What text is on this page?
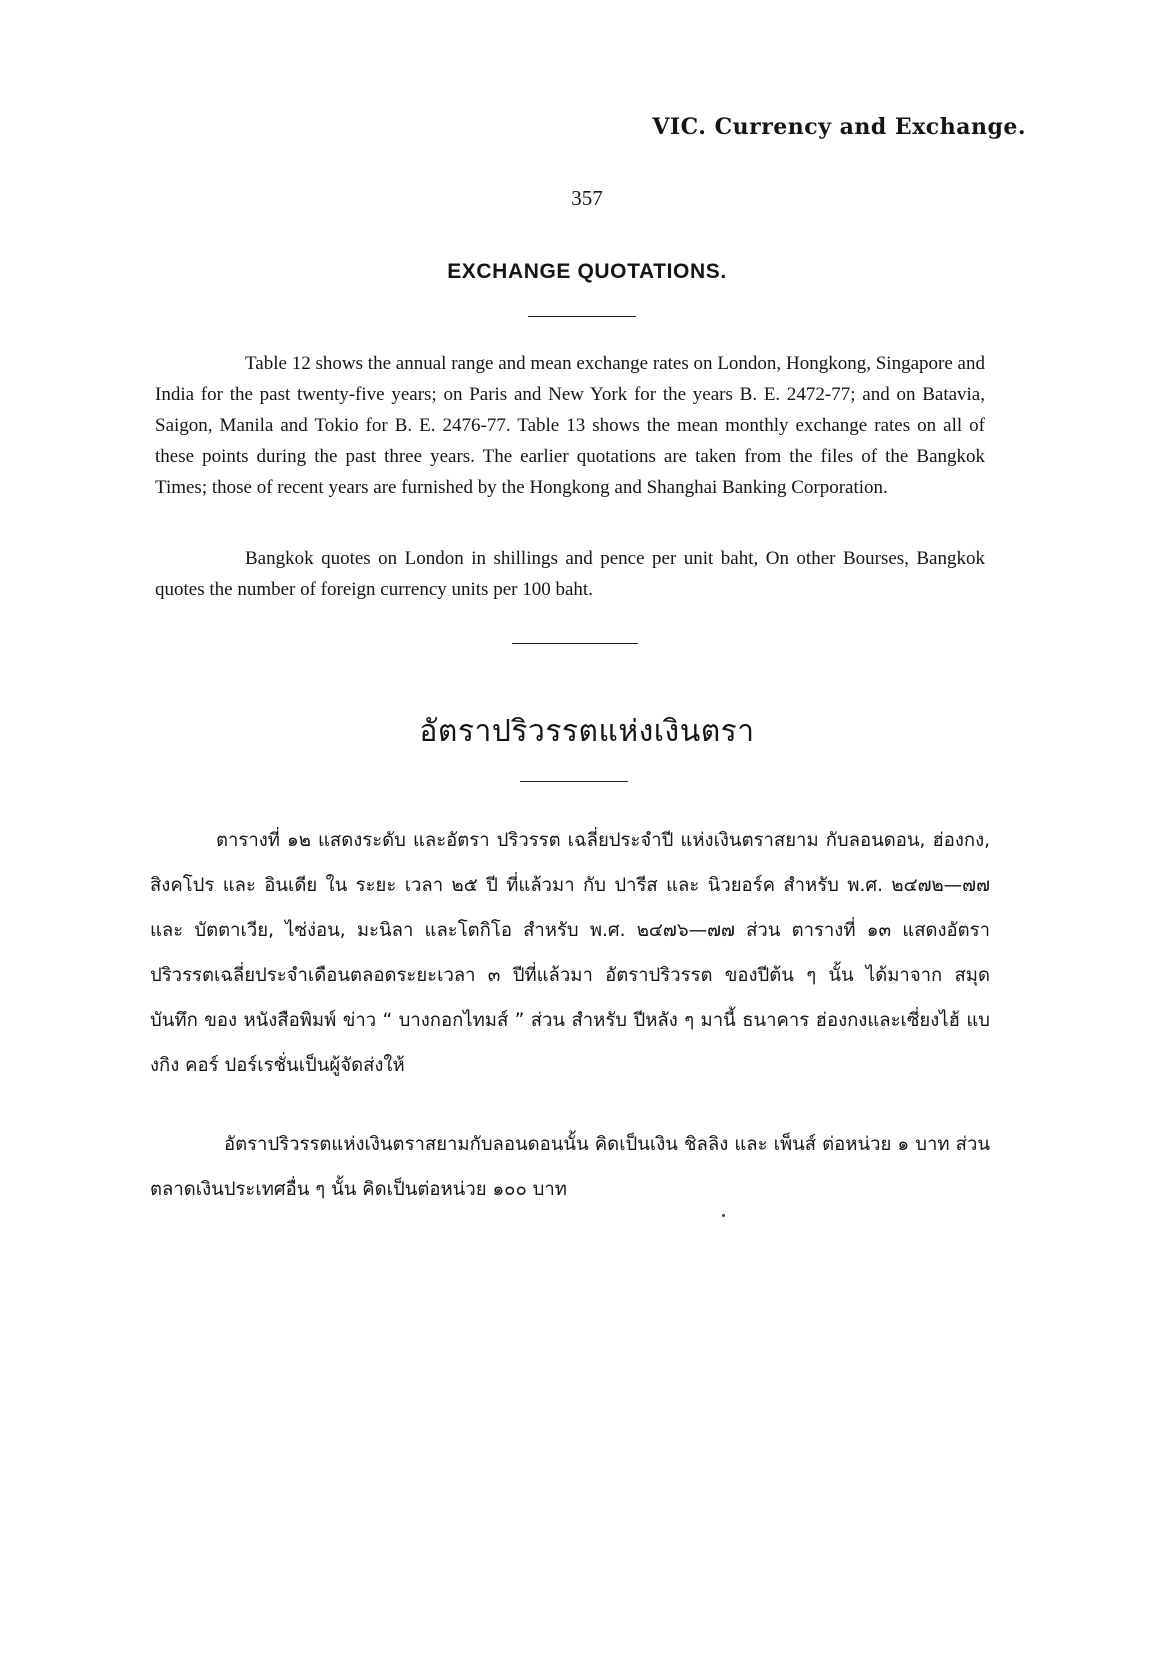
VIC. Currency and Exchange.
357
EXCHANGE QUOTATIONS.

Table 12 shows the annual range and mean exchange rates on London, Hongkong, Singapore and India for the past twenty-five years; on Paris and New York for the years B. E. 2472-77; and on Batavia, Saigon, Manila and Tokio for B. E. 2476-77. Table 13 shows the mean monthly exchange rates on all of these points during the past three years. The earlier quotations are taken from the files of the Bangkok Times; those of recent years are furnished by the Hongkong and Shanghai Banking Corporation.

Bangkok quotes on London in shillings and pence per unit baht, On other Bourses, Bangkok quotes the number of foreign currency units per 100 baht.

อัตราปริวรรตแห่งเงินตรา

ตารางที่ ๑๒ แสดงระดับ และอัตรา ปริวรรต เฉลี่ยประจำปี แห่งเงินตราสยาม กับลอนดอน, ฮ่องกง, สิงคโปร และ อินเดีย ใน ระยะ เวลา ๒๕ ปี ที่แล้วมา กับ ปารีส และ นิวยอร์ค สำหรับ พ.ศ. ๒๔๗๒—๗๗ และ บัตตาเวีย, ไซ่ง่อน, มะนิลา และโตกิโอ สำหรับ พ.ศ. ๒๔๗๖—๗๗ ส่วน ตารางที่ ๑๓ แสดงอัตราปริวรรตเฉลี่ยประจำเดือนตลอดระยะเวลา ๓ ปีที่แล้วมา อัตราปริวรรต ของปีต้น ๆ นั้น ได้มาจาก สมุด บันทึก ของ หนังสือพิมพ์ ข่าว “ บางกอกไทมส์ ” ส่วน สำหรับ ปีหลัง ๆ มานี้ ธนาคาร ฮ่องกงและเซี่ยงไฮ้ แบงกิง คอร์ ปอร์เรชั่นเป็นผู้จัดส่งให้

อัตราปริวรรตแห่งเงินตราสยามกับลอนดอนนั้น คิดเป็นเงิน ชิลลิง และ เพ็นส์ ต่อหน่วย ๑ บาท ส่วนตลาดเงินประเทศอื่น ๆ นั้น คิดเป็นต่อหน่วย ๑๐๐ บาท
